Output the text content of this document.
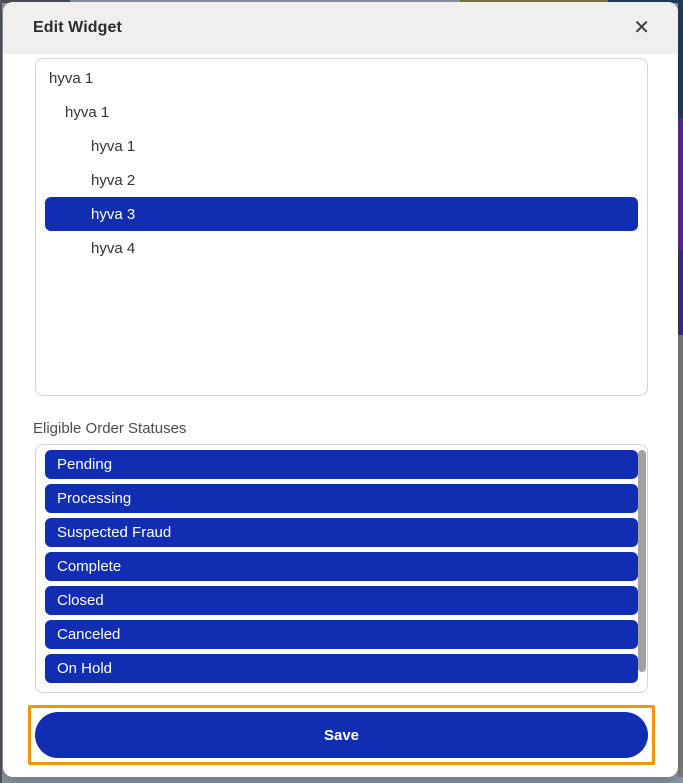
Edit Widget	✕
hyva 1
hyva 1
hyva 1
hyva 2
hyva 3
hyva 4
Eligible Order Statuses
Pending
Processing
Suspected Fraud
Complete
Closed
Canceled
On Hold
Save
